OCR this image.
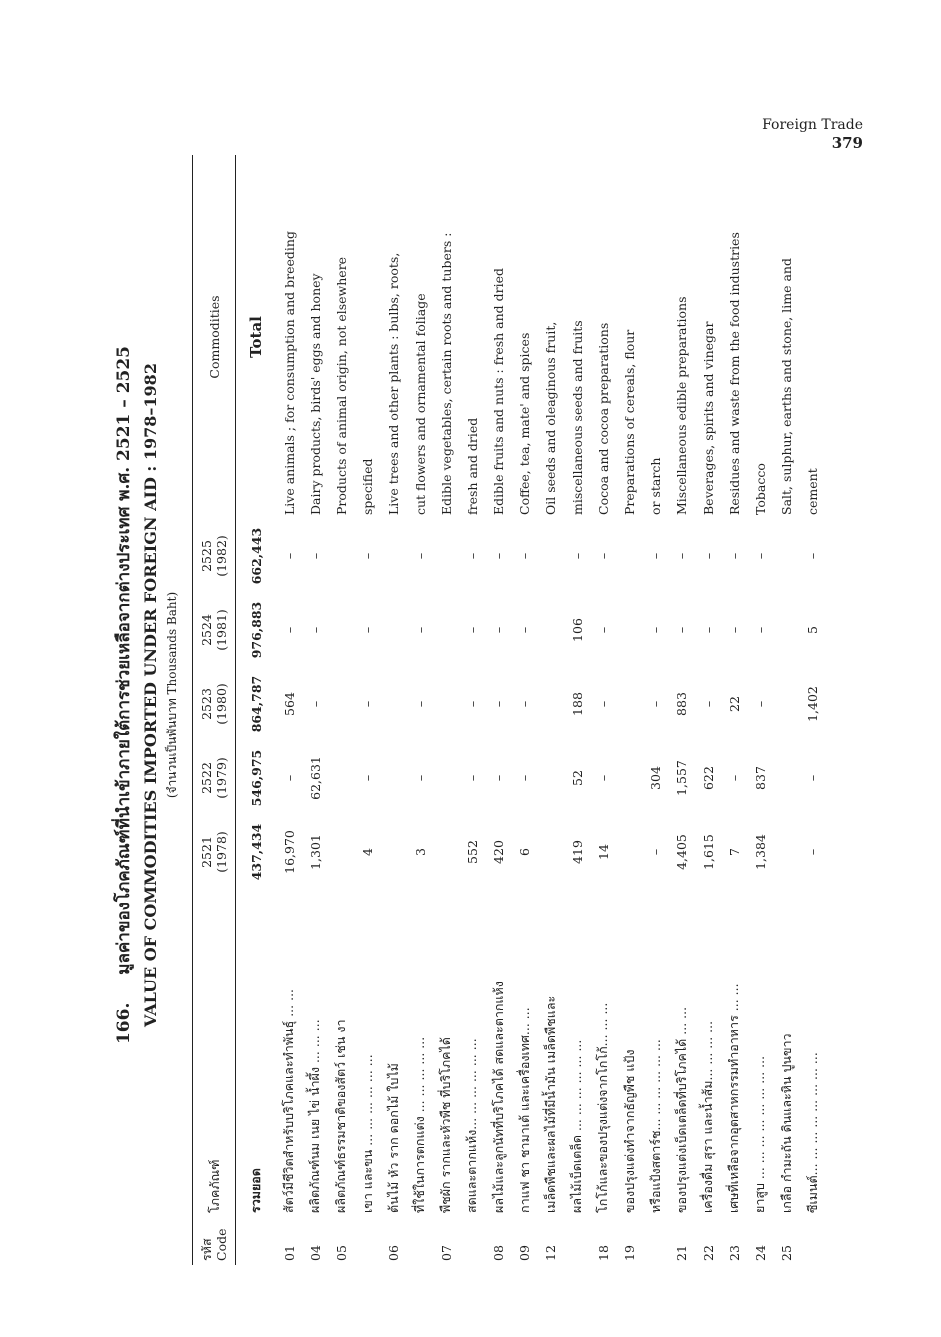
Foreign Trade
379
166. มูลค่าของโภคภัณฑ์ที่นำเข้าภายใต้การช่วยเหลือจากต่างประเทศ พ.ศ. 2521 – 2525 VALUE OF COMMODITIES IMPORTED UNDER FOREIGN AID : 1978–1982 (จำนวนเป็นพันบาท Thousands Baht)
รหัส Code	โภคภัณฑ์	2521 (1978)	2522 (1979)	2523 (1980)	2524 (1981)	2525 (1982)	Commodities
	รวมยอด	437,434	546,975	864,787	976,883	662,443	Total
01	สัตว์มีชีวิตสำหรับบริโภคและทำพันธุ์ ... ...	16,970	–	564	–	–	Live animals ; for consumption and breeding
04	ผลิตภัณฑ์นม เนย ไข่ น้ำผึ้ง ... ... ...	1,301	62,631	–	–	–	Dairy products, birds' eggs and honey
05	ผลิตภัณฑ์ธรรมชาติของสัตว์ เช่น งา						Products of animal origin, not elsewhere
	เขา และขน ... ... ... ... ... ...	4	–	–	–	–	specified
06	ต้นไม้ หัว ราก ดอกไม้ ใบไม้						Live trees and other plants : bulbs, roots,
	ที่ใช้ในการตกแต่ง ... ... ... ... ...	3	–	–	–	–	cut flowers and ornamental foliage
07	พืชผัก รากและหัวพืช ที่บริโภคได้						Edible vegetables, certain roots and tubers :
	สดและตากแห้ง... ... ... ... ... ...	552	–	–	–	–	fresh and dried
08	ผลไม้และลูกนัทที่บริโภคได้ สดและตากแห้ง	420	–	–	–	–	Edible fruits and nuts : fresh and dried
09	กาแฟ ชา ชามาเต้ และเครื่องเทศ... ...	6	–	–	–	–	Coffee, tea, mate' and spices
12	เมล็ดพืชและผลไม้ที่มีน้ำมัน เมล็ดพืชและ						Oil seeds and oleaginous fruit,
	ผลไม้เบ็ดเตล็ด ... ... ... ... ... ...	419	52	188	106	–	miscellaneous seeds and fruits
18	โกโก้และของปรุงแต่งจากโกโก้... ... ...	14	–	–	–	–	Cocoa and cocoa preparations
19	ของปรุงแต่งทำจากธัญพืช แป้ง						Preparations of cereals, flour
	หรือแป้งสตาร์ช... ... ... ... ... ...	–	304	–	–	–	or starch
21	ของปรุงแต่งเบ็ดเตล็ดที่บริโภคได้ ... ...	4,405	1,557	883	–	–	Miscellaneous edible preparations
22	เครื่องดื่ม สุรา และน้ำส้ม... ... ... ...	1,615	622	–	–	–	Beverages, spirits and vinegar
23	เศษที่เหลือจากอุตสาหกรรมทำอาหาร ... ...	7	–	22	–	–	Residues and waste from the food industries
24	ยาสูบ ... ... ... ... ... ... ... ...	1,384	837	–	–	–	Tobacco
25	เกลือ กำมะถัน ดินและหิน ปูนขาว						Salt, sulphur, earths and stone, lime and
	ซีเมนต์... ... ... ... ... ... ... ...	–	–	1,402	5	–	cement
